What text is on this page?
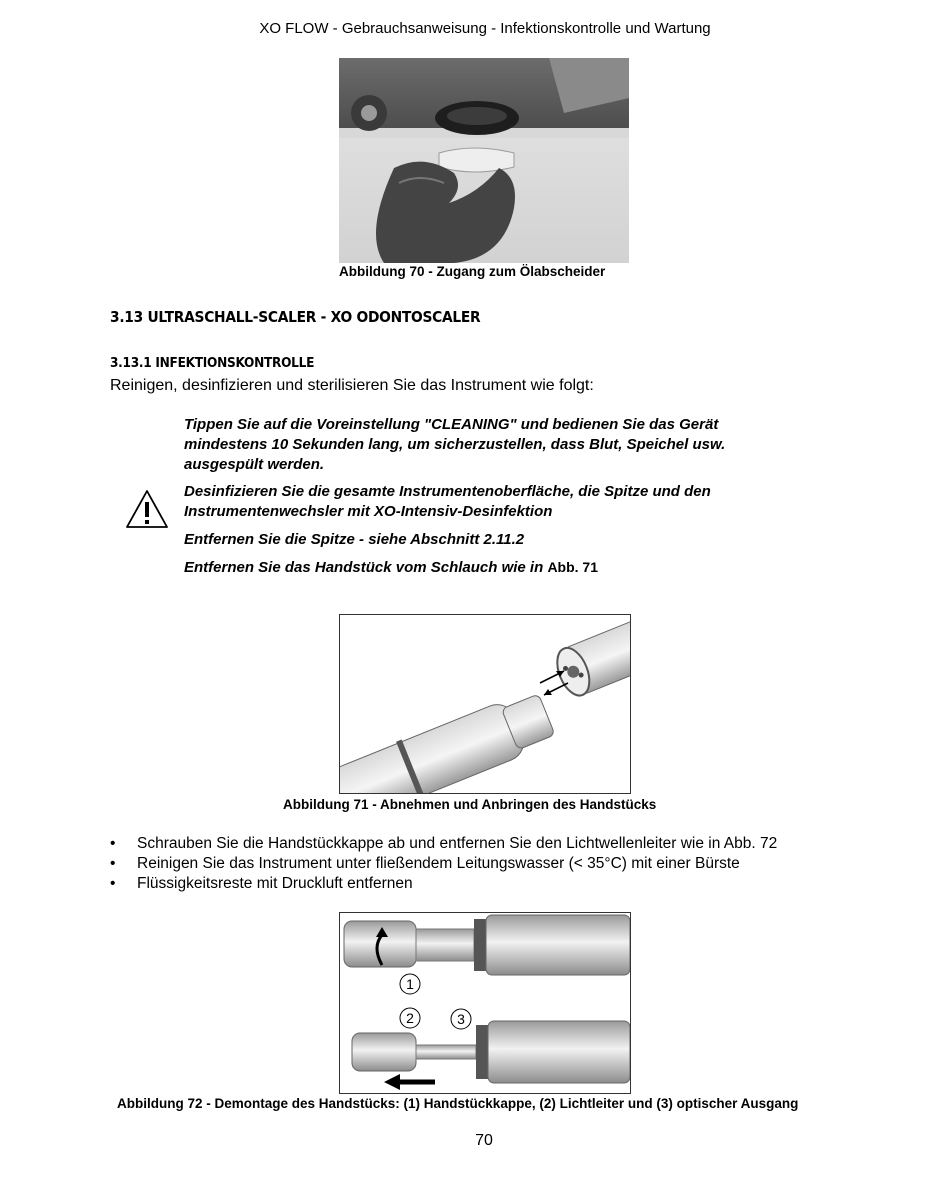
XO FLOW - Gebrauchsanweisung - Infektionskontrolle und Wartung
Abbildung 70 - Zugang zum Ölabscheider
3.13 ULTRASCHALL-SCALER - XO ODONTOSCALER
3.13.1 INFEKTIONSKONTROLLE
Reinigen, desinfizieren und sterilisieren Sie das Instrument wie folgt:
Tippen Sie auf die Voreinstellung "CLEANING" und bedienen Sie das Gerät mindestens 10 Sekunden lang, um sicherzustellen, dass Blut, Speichel usw. ausgespült werden.
Desinfizieren Sie die gesamte Instrumentenoberfläche, die Spitze und den Instrumentenwechsler mit XO-Intensiv-Desinfektion
Entfernen Sie die Spitze - siehe Abschnitt 2.11.2
Entfernen Sie das Handstück vom Schlauch wie in Abb. 71
Abbildung 71 - Abnehmen und Anbringen des Handstücks
• Schrauben Sie die Handstückkappe ab und entfernen Sie den Lichtwellenleiter wie in Abb. 72
• Reinigen Sie das Instrument unter fließendem Leitungswasser (< 35°C) mit einer Bürste
• Flüssigkeitsreste mit Druckluft entfernen
1
2	3
Abbildung 72 - Demontage des Handstücks: (1) Handstückkappe, (2) Lichtleiter und (3) optischer Ausgang
70
